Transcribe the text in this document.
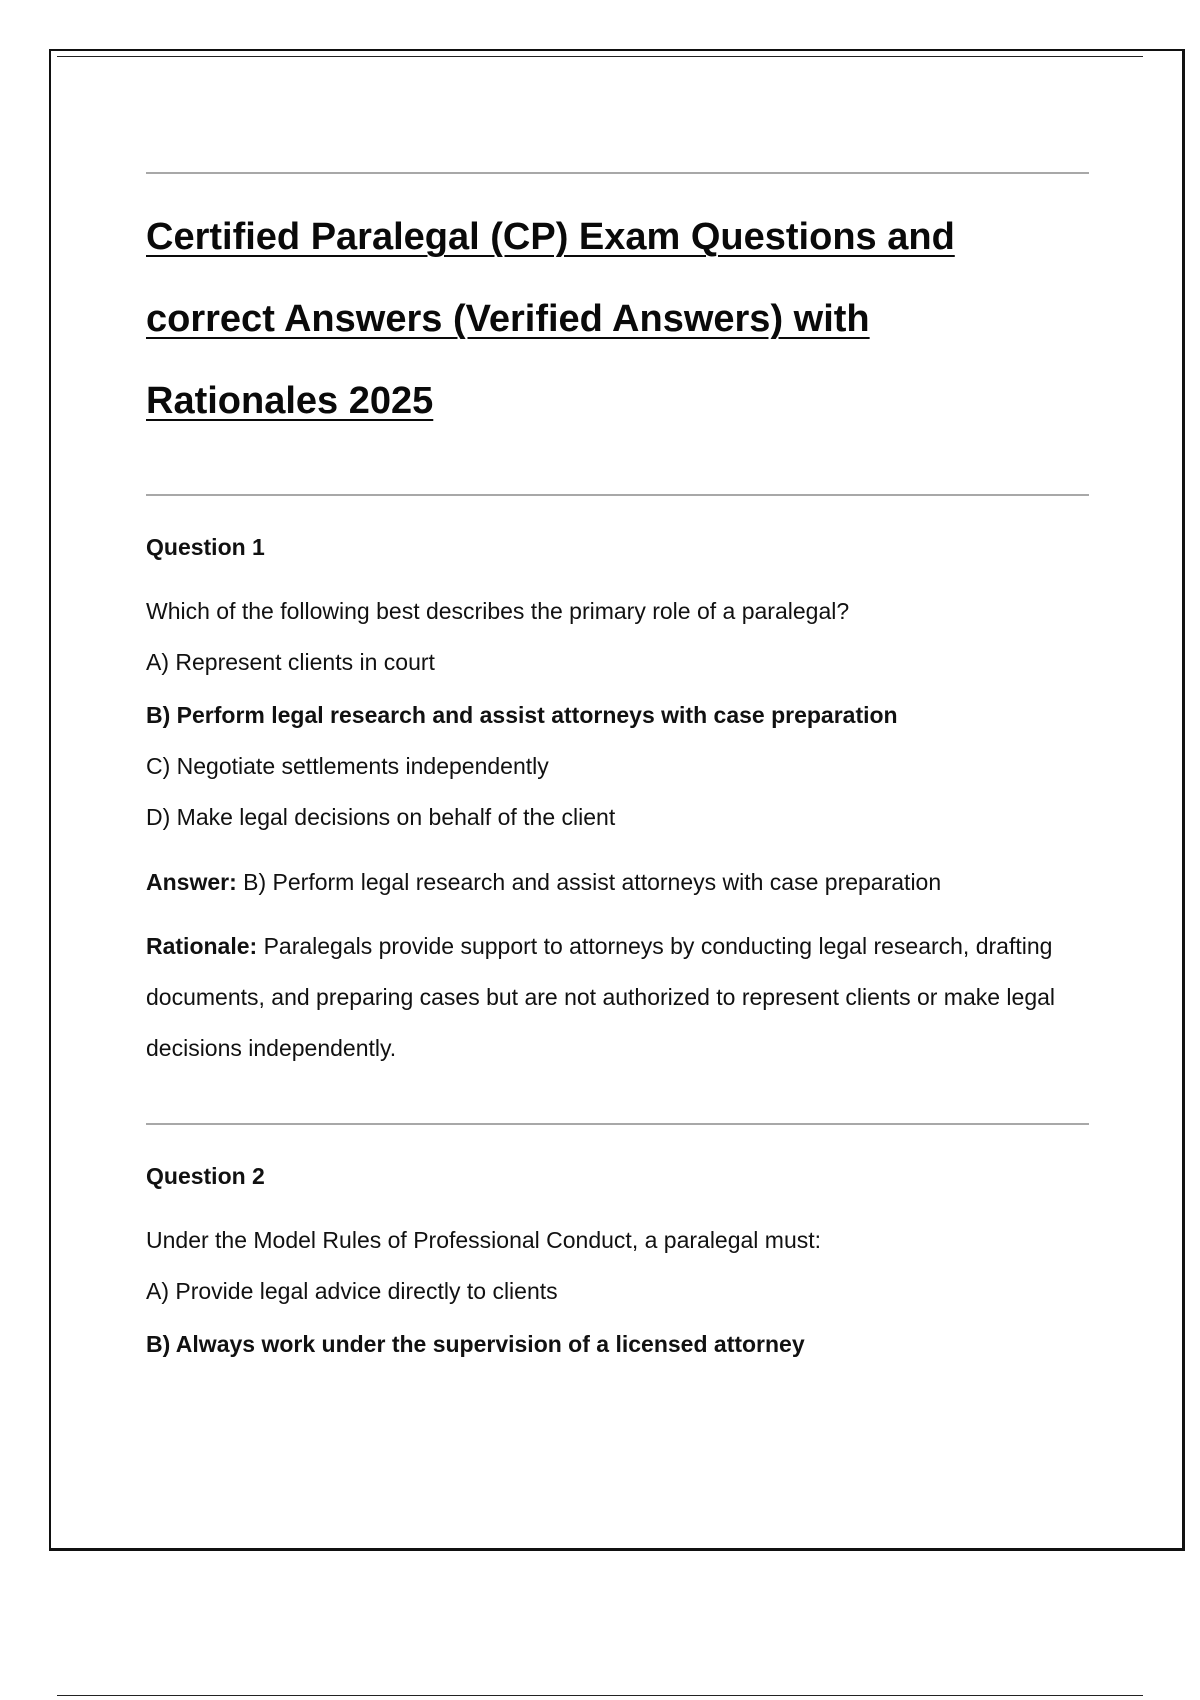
Certified Paralegal (CP) Exam Questions and
correct Answers (Verified Answers) with
Rationales 2025

Question 1

Which of the following best describes the primary role of a paralegal?

A) Represent clients in court

B) Perform legal research and assist attorneys with case preparation

C) Negotiate settlements independently

D) Make legal decisions on behalf of the client

Answer: B) Perform legal research and assist attorneys with case preparation

Rationale: Paralegals provide support to attorneys by conducting legal research, drafting documents, and preparing cases but are not authorized to represent clients or make legal decisions independently.

Question 2

Under the Model Rules of Professional Conduct, a paralegal must:

A) Provide legal advice directly to clients

B) Always work under the supervision of a licensed attorney
